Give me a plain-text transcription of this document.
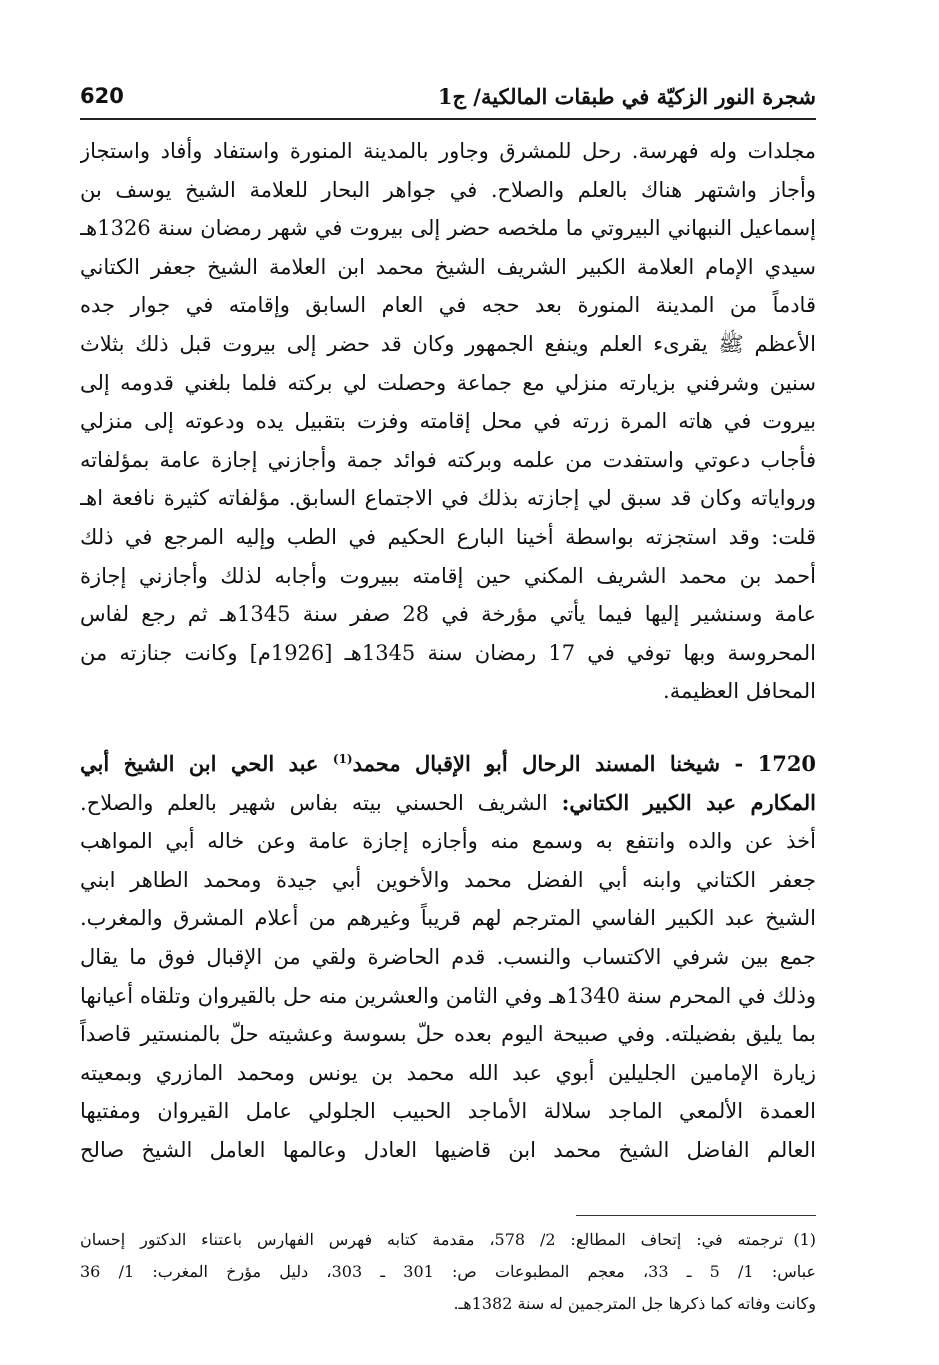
شجرة النور الزكيّة في طبقات المالكية/ ج1
620
مجلدات وله فهرسة. رحل للمشرق وجاور بالمدينة المنورة واستفاد وأفاد واستجاز
وأجاز واشتهر هناك بالعلم والصلاح. في جواهر البحار للعلامة الشيخ يوسف بن
إسماعيل النبهاني البيروتي ما ملخصه حضر إلى بيروت في شهر رمضان سنة 1326هـ
سيدي الإمام العلامة الكبير الشريف الشيخ محمد ابن العلامة الشيخ جعفر الكتاني
قادماً من المدينة المنورة بعد حجه في العام السابق وإقامته في جوار جده
الأعظم ﷺ يقرىء العلم وينفع الجمهور وكان قد حضر إلى بيروت قبل ذلك بثلاث
سنين وشرفني بزيارته منزلي مع جماعة وحصلت لي بركته فلما بلغني قدومه إلى
بيروت في هاته المرة زرته في محل إقامته وفزت بتقبيل يده ودعوته إلى منزلي
فأجاب دعوتي واستفدت من علمه وبركته فوائد جمة وأجازني إجازة عامة بمؤلفاته
ورواياته وكان قد سبق لي إجازته بذلك في الاجتماع السابق. مؤلفاته كثيرة نافعة اهـ
قلت: وقد استجزته بواسطة أخينا البارع الحكيم في الطب وإليه المرجع في ذلك
أحمد بن محمد الشريف المكني حين إقامته ببيروت وأجابه لذلك وأجازني إجازة
عامة وسنشير إليها فيما يأتي مؤرخة في 28 صفر سنة 1345هـ ثم رجع لفاس
المحروسة وبها توفي في 17 رمضان سنة 1345هـ [1926م] وكانت جنازته من
المحافل العظيمة.
1720 - شيخنا المسند الرحال أبو الإقبال محمد$^{(1)}$ عبد الحي ابن الشيخ أبي
المكارم عبد الكبير الكتاني: الشريف الحسني بيته بفاس شهير بالعلم والصلاح.
أخذ عن والده وانتفع به وسمع منه وأجازه إجازة عامة وعن خاله أبي المواهب
جعفر الكتاني وابنه أبي الفضل محمد والأخوين أبي جيدة ومحمد الطاهر ابني
الشيخ عبد الكبير الفاسي المترجم لهم قريباً وغيرهم من أعلام المشرق والمغرب.
جمع بين شرفي الاكتساب والنسب. قدم الحاضرة ولقي من الإقبال فوق ما يقال
وذلك في المحرم سنة 1340هـ وفي الثامن والعشرين منه حل بالقيروان وتلقاه أعيانها
بما يليق بفضيلته. وفي صبيحة اليوم بعده حلّ بسوسة وعشيته حلّ بالمنستير قاصداً
زيارة الإمامين الجليلين أبوي عبد الله محمد بن يونس ومحمد المازري وبمعيته
العمدة الألمعي الماجد سلالة الأماجد الحبيب الجلولي عامل القيروان ومفتيها
العالم الفاضل الشيخ محمد ابن قاضيها العادل وعالمها العامل الشيخ صالح
(1)ترجمته في: إتحاف المطالع: 2/ 578، مقدمة كتابه فهرس الفهارس باعتناء الدكتور إحسان
عباس: 1/ 5 ـ 33، معجم المطبوعات ص: 301 ـ 303، دليل مؤرخ المغرب: 1/ 36
وكانت وفاته كما ذكرها جل المترجمين له سنة 1382هـ.
